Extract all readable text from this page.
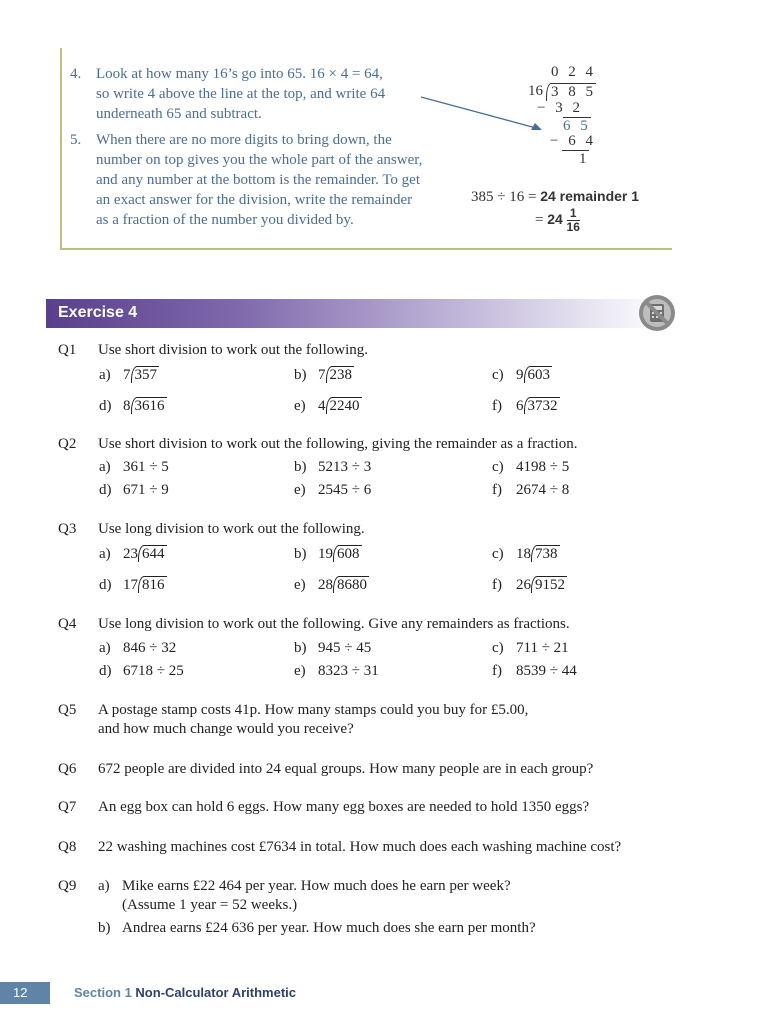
4. Look at how many 16’s go into 65. 16 × 4 = 64,
so write 4 above the line at the top, and write 64
underneath 65 and subtract.
5. When there are no more digits to bring down, the
number on top gives you the whole part of the answer,
and any number at the bottom is the remainder. To get
an exact answer for the division, write the remainder
as a fraction of the number you divided by.
0 2 4
16 3 8 5
− 3 2
6 5
− 6 4
1
385 ÷ 16 = 24 remainder 1
= $24 \frac{1}{16}$
Exercise 4
Q1 Use short division to work out the following.
a) 7 357	b) 7 238	c) 9 603
d) 8 3616	e) 4 2240	f) 6 3732
Q2 Use short division to work out the following, giving the remainder as a fraction.
a) 361 ÷ 5	b) 5213 ÷ 3	c) 4198 ÷ 5
d) 671 ÷ 9	e) 2545 ÷ 6	f) 2674 ÷ 8
Q3 Use long division to work out the following.
a) 23 644	b) 19 608	c) 18 738
d) 17 816	e) 28 8680	f) 26 9152
Q4 Use long division to work out the following. Give any remainders as fractions.
a) 846 ÷ 32	b) 945 ÷ 45	c) 711 ÷ 21
d) 6718 ÷ 25	e) 8323 ÷ 31	f) 8539 ÷ 44
Q5 A postage stamp costs 41p. How many stamps could you buy for £5.00,
and how much change would you receive?
Q6 672 people are divided into 24 equal groups. How many people are in each group?
Q7 An egg box can hold 6 eggs. How many egg boxes are needed to hold 1350 eggs?
Q8 22 washing machines cost £7634 in total. How much does each washing machine cost?
Q9 a) Mike earns £22 464 per year. How much does he earn per week?
(Assume 1 year = 52 weeks.)
b) Andrea earns £24 636 per year. How much does she earn per month?
12	Section 1 Non-Calculator Arithmetic
